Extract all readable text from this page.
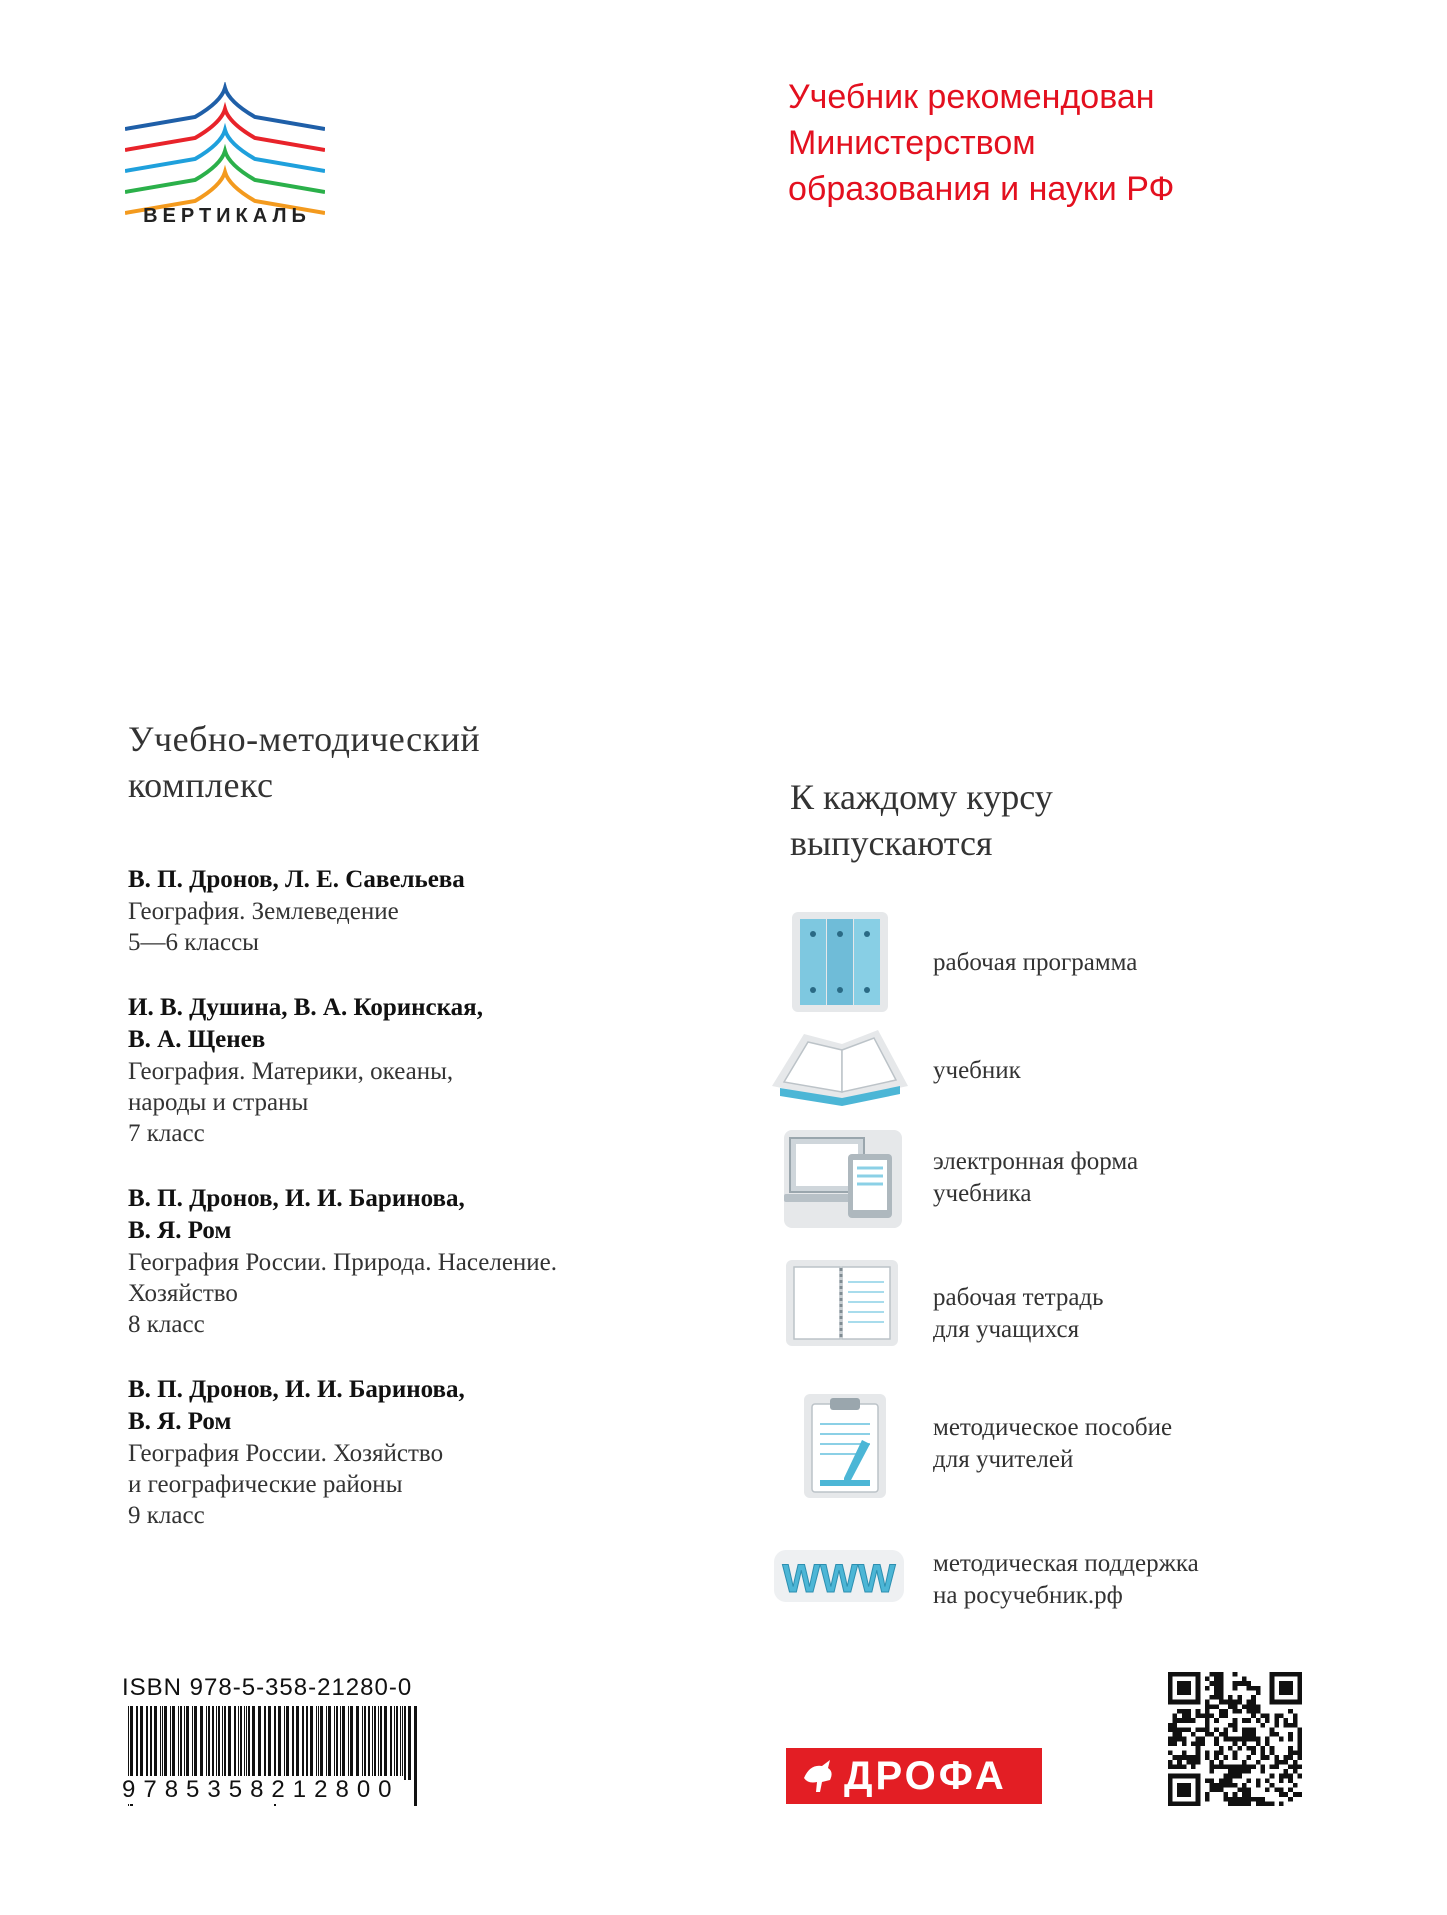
ВЕРТИКАЛЬ
Учебник рекомендован
Министерством
образования и науки РФ
Учебно-методический
комплекс
В. П. Дронов, Л. Е. Савельева
География. Землеведение
5—6 классы
И. В. Душина, В. А. Коринская,
В. А. Щенев
География. Материки, океаны,
народы и страны
7 класс
В. П. Дронов, И. И. Баринова,
В. Я. Ром
География России. Природа. Население.
Хозяйство
8 класс
В. П. Дронов, И. И. Баринова,
В. Я. Ром
География России. Хозяйство
и географические районы
9 класс
К каждому курсу
выпускаются
рабочая программа
учебник
электронная форма
учебника
рабочая тетрадь
для учащихся
методическое пособие
для учителей
WWW методическая поддержка
на росучебник.рф
ISBN 978-5-358-21280-0
9785358212800	ДРОФА
